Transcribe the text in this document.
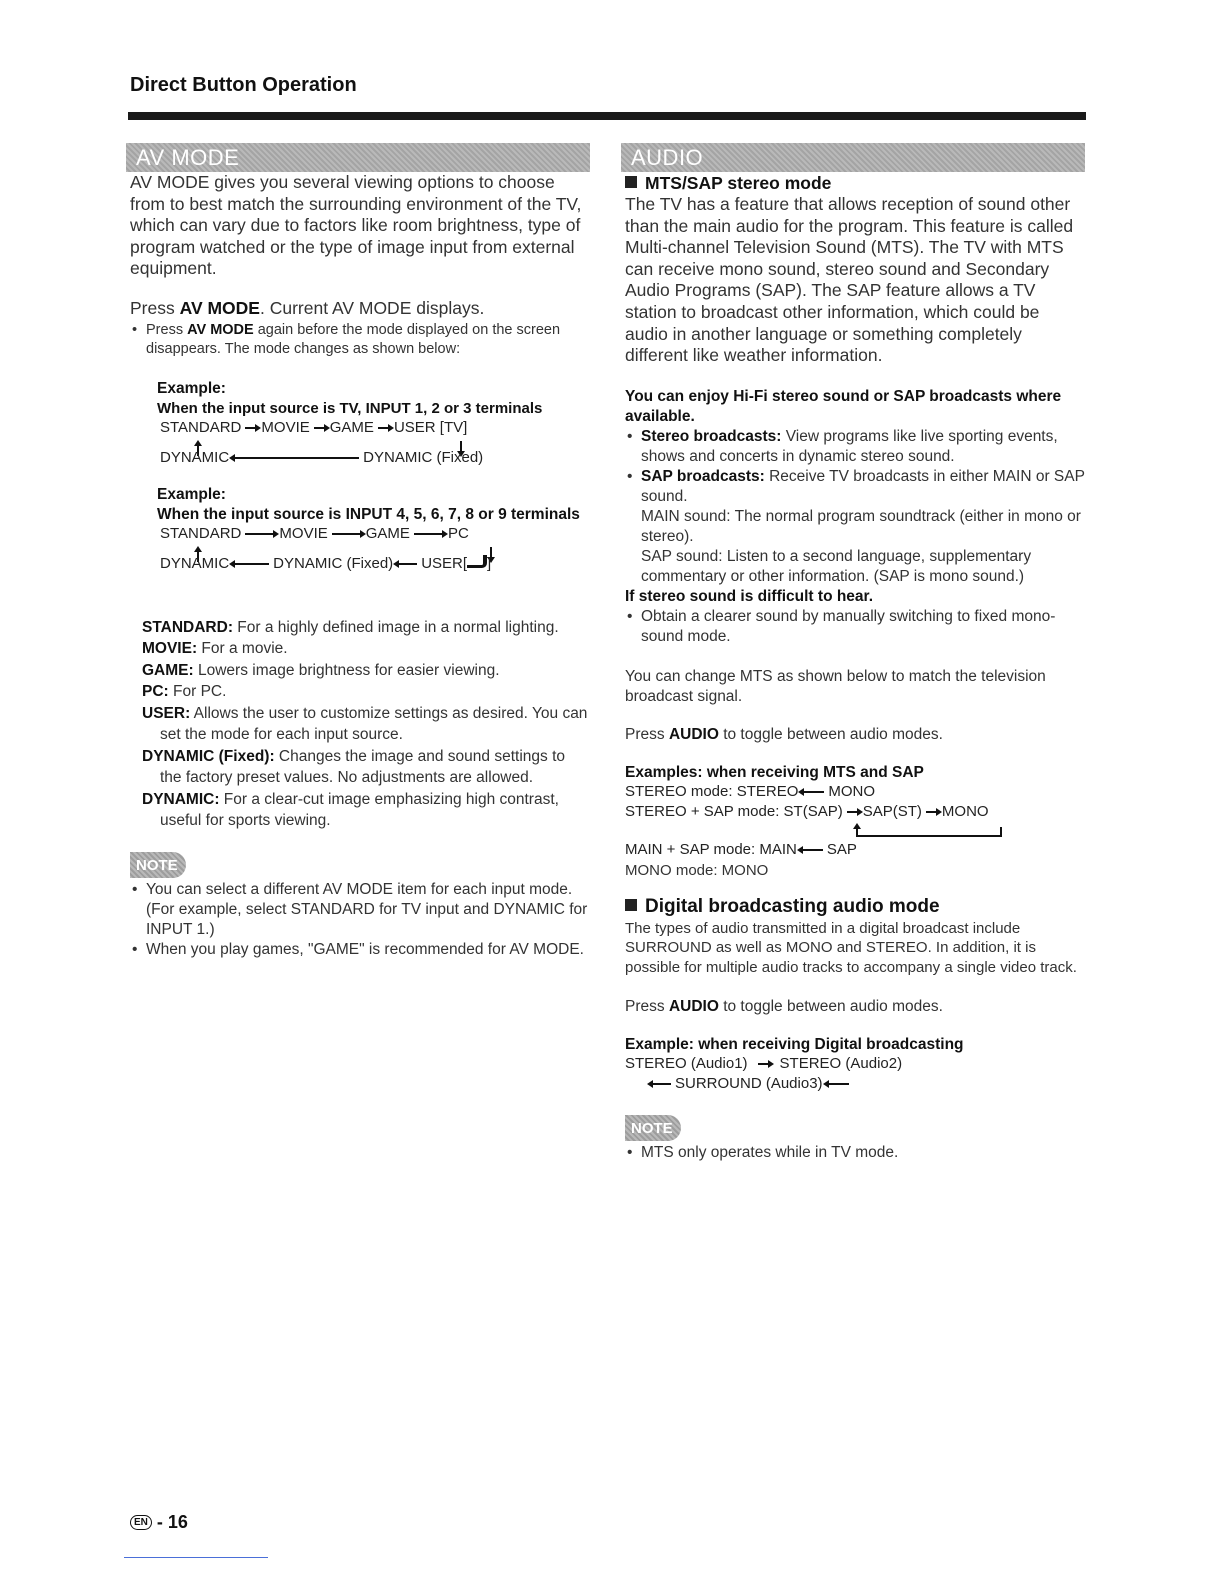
Direct Button Operation
AV MODE

AV MODE gives you several viewing options to choose from to best match the surrounding environment of the TV, which can vary due to factors like room brightness, type of program watched or the type of image input from external equipment.

Press AV MODE. Current AV MODE displays.

• Press AV MODE again before the mode displayed on the screen disappears. The mode changes as shown below:

Example:

When the input source is TV, INPUT 1, 2 or 3 terminals

STANDARD MOVIE GAME USER [TV]
DYNAMIC	DYNAMIC (Fixed)

Example:

When the input source is INPUT 4, 5, 6, 7, 8 or 9 terminals

STANDARD	MOVIE	GAME	PC
DYNAMIC	DYNAMIC (Fixed) USER[ ]

STANDARD: For a highly defined image in a normal lighting.

MOVIE: For a movie.

GAME: Lowers image brightness for easier viewing.

PC: For PC.

USER: Allows the user to customize settings as desired. You can set the mode for each input source.

DYNAMIC (Fixed): Changes the image and sound settings to the factory preset values. No adjustments are allowed.

DYNAMIC: For a clear-cut image emphasizing high contrast, useful for sports viewing.

NOTE

• You can select a different AV MODE item for each input mode. (For example, select STANDARD for TV input and DYNAMIC for INPUT 1.)

• When you play games, "GAME" is recommended for AV MODE.

AUDIO

MTS/SAP stereo mode

The TV has a feature that allows reception of sound other than the main audio for the program. This feature is called Multi-channel Television Sound (MTS). The TV with MTS can receive mono sound, stereo sound and Secondary Audio Programs (SAP). The SAP feature allows a TV station to broadcast other information, which could be audio in another language or something completely different like weather information.

You can enjoy Hi-Fi stereo sound or SAP broadcasts where available.

• Stereo broadcasts: View programs like live sporting events, shows and concerts in dynamic stereo sound.

• SAP broadcasts: Receive TV broadcasts in either MAIN or SAP sound.

MAIN sound: The normal program soundtrack (either in mono or stereo).

SAP sound: Listen to a second language, supplementary commentary or other information. (SAP is mono sound.)

If stereo sound is difficult to hear.

• Obtain a clearer sound by manually switching to fixed mono-sound mode.

You can change MTS as shown below to match the television broadcast signal.

Press AUDIO to toggle between audio modes.

Examples: when receiving MTS and SAP

STEREO mode: STEREO MONO
STEREO + SAP mode: ST(SAP) SAP(ST) MONO
MAIN + SAP mode: MAIN SAP

MONO mode: MONO

Digital broadcasting audio mode

The types of audio transmitted in a digital broadcast include SURROUND as well as MONO and STEREO. In addition, it is possible for multiple audio tracks to accompany a single video track.

Press AUDIO to toggle between audio modes.

Example: when receiving Digital broadcasting

STEREO (Audio1) STEREO (Audio2)
SURROUND (Audio3)
NOTE

• MTS only operates while in TV mode.

EN - 16
